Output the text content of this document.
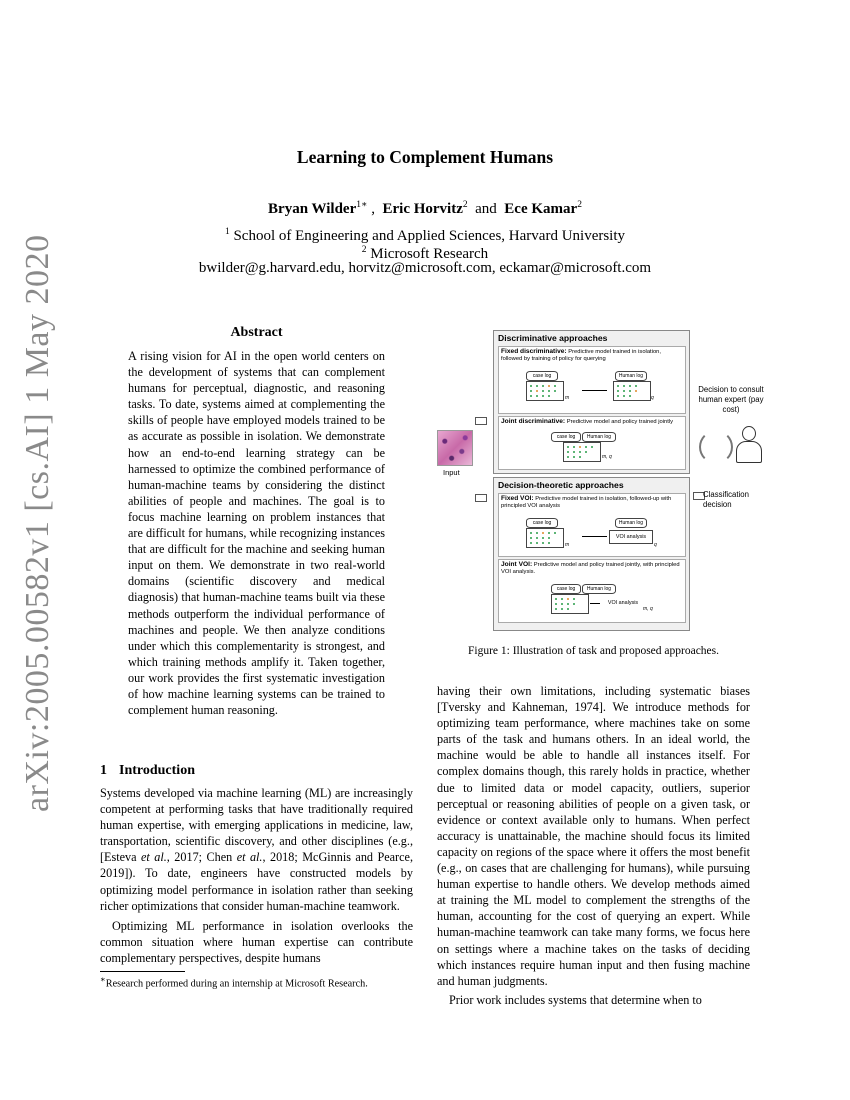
arXiv:2005.00582v1 [cs.AI] 1 May 2020
Learning to Complement Humans
Bryan Wilder$^{1∗}$ ,  Eric Horvitz$^2$ and Ece Kamar$^2$
$^1$ School of Engineering and Applied Sciences, Harvard University
$^2$ Microsoft Research
bwilder@g.harvard.edu, horvitz@microsoft.com, eckamar@microsoft.com
Abstract
A rising vision for AI in the open world centers on the development of systems that can complement humans for perceptual, diagnostic, and reasoning tasks. To date, systems aimed at complementing the skills of people have employed models trained to be as accurate as possible in isolation. We demonstrate how an end-to-end learning strategy can be harnessed to optimize the combined performance of human-machine teams by considering the distinct abilities of people and machines. The goal is to focus machine learning on problem instances that are difficult for humans, while recognizing instances that are difficult for the machine and seeking human input on them. We demonstrate in two real-world domains (scientific discovery and medical diagnosis) that human-machine teams built via these methods outperform the individual performance of machines and people. We then analyze conditions under which this complementarity is strongest, and which training methods amplify it. Taken together, our work provides the first systematic investigation of how machine learning systems can be trained to complement human reasoning.
1 Introduction

Systems developed via machine learning (ML) are increasingly competent at performing tasks that have traditionally required human expertise, with emerging applications in medicine, law, transportation, scientific discovery, and other disciplines (e.g., [Esteva et al., 2017; Chen et al., 2018; McGinnis and Pearce, 2019]). To date, engineers have constructed models by optimizing model performance in isolation rather than seeking richer optimizations that consider human-machine teamwork.

Optimizing ML performance in isolation overlooks the common situation where human expertise can contribute complementary perspectives, despite humans

∗Research performed during an internship at Microsoft Research.

having their own limitations, including systematic biases [Tversky and Kahneman, 1974]. We introduce methods for optimizing team performance, where machines take on some parts of the task and humans others. In an ideal world, the machine would be able to handle all instances itself. For complex domains though, this rarely holds in practice, whether due to limited data or model capacity, outliers, superior perceptual or reasoning abilities of people on a given task, or evidence or context available only to humans. When perfect accuracy is unattainable, the machine should focus its limited capacity on regions of the space where it offers the most benefit (e.g., on cases that are challenging for humans), while pursuing human expertise to handle others. We develop methods aimed at training the ML model to complement the strengths of the human, accounting for the cost of querying an expert. While human-machine teamwork can take many forms, we focus here on settings where a machine takes on the tasks of deciding which instances require human input and then fusing machine and human judgments.

Prior work includes systems that determine when to

Input
Discriminative approaches
Fixed discriminative: Predictive model trained in isolation, followed by training of policy for querying
case log
m
Human log
q
Joint discriminative: Predictive model and policy trained jointly
case log	Human log
m, q
Decision-theoretic approaches
Fixed VOI: Predictive model trained in isolation, followed-up with principled VOI analysis
case log
m
Human log
VOI analysis
q
Joint VOI: Predictive model and policy trained jointly, with principled VOI analysis.
case log	Human log
VOI analysis
m, q
Decision to consult human expert (pay cost)
Classification decision
Figure 1: Illustration of task and proposed approaches.
